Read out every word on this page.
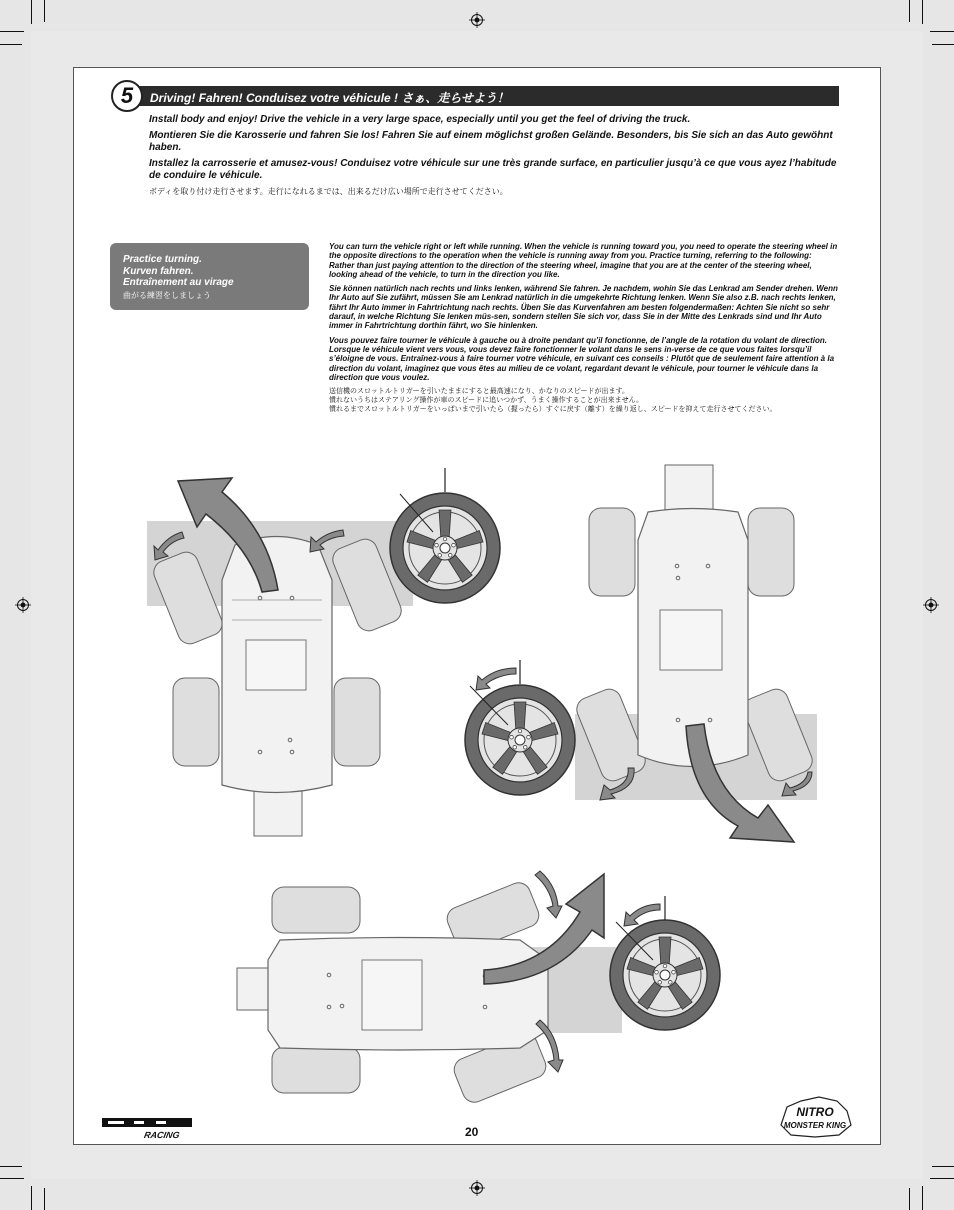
Driving! Fahren! Conduisez votre véhicule ! さぁ、走らせよう！
5

Install body and enjoy! Drive the vehicle in a very large space, especially until you get the feel of driving the truck.

Montieren Sie die Karosserie und fahren Sie los! Fahren Sie auf einem möglichst großen Gelände. Besonders, bis Sie sich an das Auto gewöhnt haben.

Installez la carrosserie et amusez-vous! Conduisez votre véhicule sur une très grande surface, en particulier jusqu’à ce que vous ayez l’habitude de conduire le véhicule.

ボディを取り付け走行させます。走行になれるまでは、出来るだけ広い場所で走行させてください。

Practice turning.
Kurven fahren.
Entraînement au virage
曲がる練習をしましょう

You can turn the vehicle right or left while running. When the vehicle is running toward you, you need to operate the steering wheel in the opposite directions to the operation when the vehicle is running away from you. Practice turning, referring to the following: Rather than just paying attention to the direction of the steering wheel, imagine that you are at the center of the steering wheel, looking ahead of the vehicle, to turn in the direction you like.

Sie können natürlich nach rechts und links lenken, während Sie fahren. Je nachdem, wohin Sie das Lenkrad am Sender drehen. Wenn Ihr Auto auf Sie zufährt, müssen Sie am Lenkrad natürlich in die umgekehrte Richtung lenken. Wenn Sie also z.B. nach rechts lenken, fährt Ihr Auto immer in Fahrtrichtung nach rechts. Üben Sie das Kurvenfahren am besten folgendermaßen: Achten Sie nicht so sehr darauf, in welche Richtung Sie lenken müs-sen, sondern stellen Sie sich vor, dass Sie in der Mitte des Lenkrads sind und Ihr Auto immer in Fahrtrichtung dorthin fährt, wo Sie hinlenken.

Vous pouvez faire tourner le véhicule à gauche ou à droite pendant qu’il fonctionne, de l’angle de la rotation du volant de direction. Lorsque le véhicule vient vers vous, vous devez faire fonctionner le volant dans le sens in-verse de ce que vous faites lorsqu’il s’éloigne de vous. Entraînez-vous à faire tourner votre véhicule, en suivant ces conseils : Plutôt que de seulement faire attention à la direction du volant, imaginez que vous êtes au milieu de ce volant, regardant devant le véhicule, pour tourner le véhicule dans la direction que vous voulez.

送信機のスロットルトリガーを引いたままにすると最高速になり、かなりのスピードが出ます。
慣れないうちはステアリング操作が車のスピードに追いつかず、うまく操作することが出来ません。
慣れるまでスロットルトリガーをいっぱいまで引いたら（握ったら）すぐに戻す（離す）を繰り返し、スピードを抑えて走行させてください。

20
RACING
NITRO
MONSTER KING
